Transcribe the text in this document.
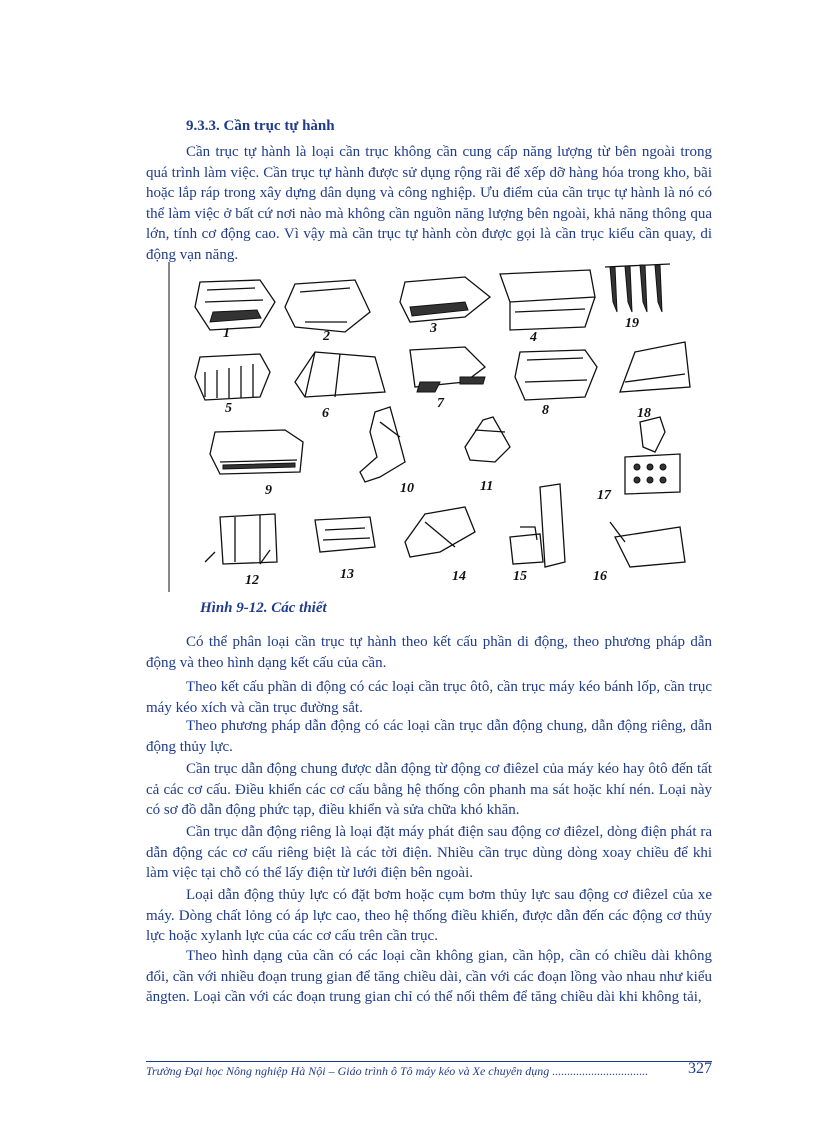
9.3.3. Cần trục tự hành

Cần trục tự hành là loại cần trục không cần cung cấp năng lượng từ bên ngoài trong quá trình làm việc. Cần trục tự hành được sử dụng rộng rãi để xếp dỡ hàng hóa trong kho, bãi hoặc lắp ráp trong xây dựng dân dụng và công nghiệp. Ưu điểm của cần trục tự hành là nó có thể làm việc ở bất cứ nơi nào mà không cần nguồn năng lượng bên ngoài, khả năng thông qua lớn, tính cơ động cao. Vì vậy mà cần trục tự hành còn được gọi là cần trục kiểu cần quay, di động vạn năng.

1	2
3
4
19
5	6
7	8	18
9	10	11
17
12	13	14	15	16

Hình 9-12. Các thiết

Có thể phân loại cần trục tự hành theo kết cấu phần di động, theo phương pháp dẫn động và theo hình dạng kết cấu của cần.

Theo kết cấu phần di động có các loại cần trục ôtô, cần trục máy kéo bánh lốp, cần trục máy kéo xích và cần trục đường sắt.

Theo phương pháp dẫn động có các loại cần trục dẫn động chung, dẫn động riêng, dẫn động thủy lực.

Cần trục dẫn động chung được dẫn động từ động cơ điêzel của máy kéo hay ôtô đến tất cả các cơ cấu. Điều khiển các cơ cấu bằng hệ thống côn phanh ma sát hoặc khí nén. Loại này có sơ đồ dẫn động phức tạp, điều khiển và sửa chữa khó khăn.

Cần trục dẫn động riêng là loại đặt máy phát điện sau động cơ điêzel, dòng điện phát ra dẫn động các cơ cấu riêng biệt là các tời điện. Nhiều cần trục dùng dòng xoay chiều để khi làm việc tại chỗ có thể lấy điện từ lưới điện bên ngoài.

Loại dẫn động thủy lực có đặt bơm hoặc cụm bơm thủy lực sau động cơ điêzel của xe máy. Dòng chất lỏng có áp lực cao, theo hệ thống điều khiển, được dẫn đến các động cơ thủy lực hoặc xylanh lực của các cơ cấu trên cần trục.

Theo hình dạng của cần có các loại cần không gian, cần hộp, cần có chiều dài không đổi, cần với nhiều đoạn trung gian để tăng chiều dài, cần với các đoạn lồng vào nhau như kiểu ăngten. Loại cần với các đoạn trung gian chỉ có thể nối thêm để tăng chiều dài khi không tải,

Trường Đại học Nông nghiệp Hà Nội – Giáo trình ô Tô máy kéo và Xe chuyên dụng ................................ 327
